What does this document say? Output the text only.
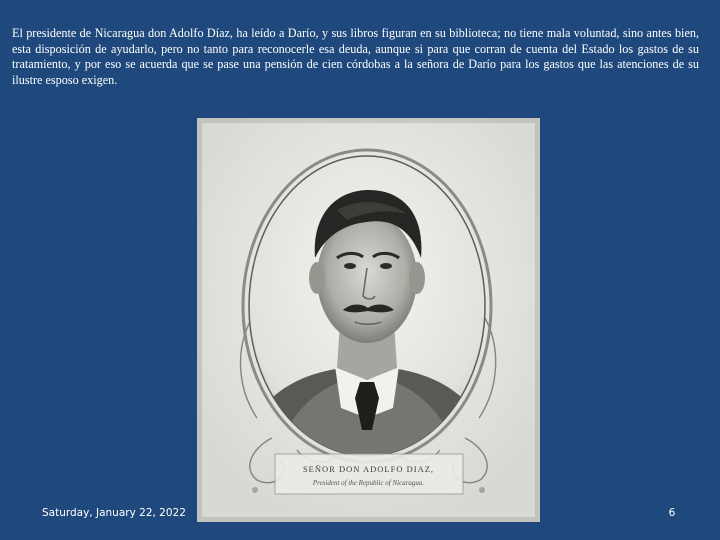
El presidente de Nicaragua don Adolfo Díaz, ha leído a Darío, y sus libros figuran en su biblioteca; no tiene mala voluntad, sino antes bien, esta disposición de ayudarlo, pero no tanto para reconocerle esa deuda, aunque si para que corran de cuenta del Estado los gastos de su tratamiento, y por eso se acuerda que se pase una pensión de cien córdobas a la señora de Darío para los gastos que las atenciones de su ilustre esposo exigen.

SEÑOR DON ADOLFO DIAZ,
President of the Republic of Nicaragua.
Saturday, January 22, 2022	6
